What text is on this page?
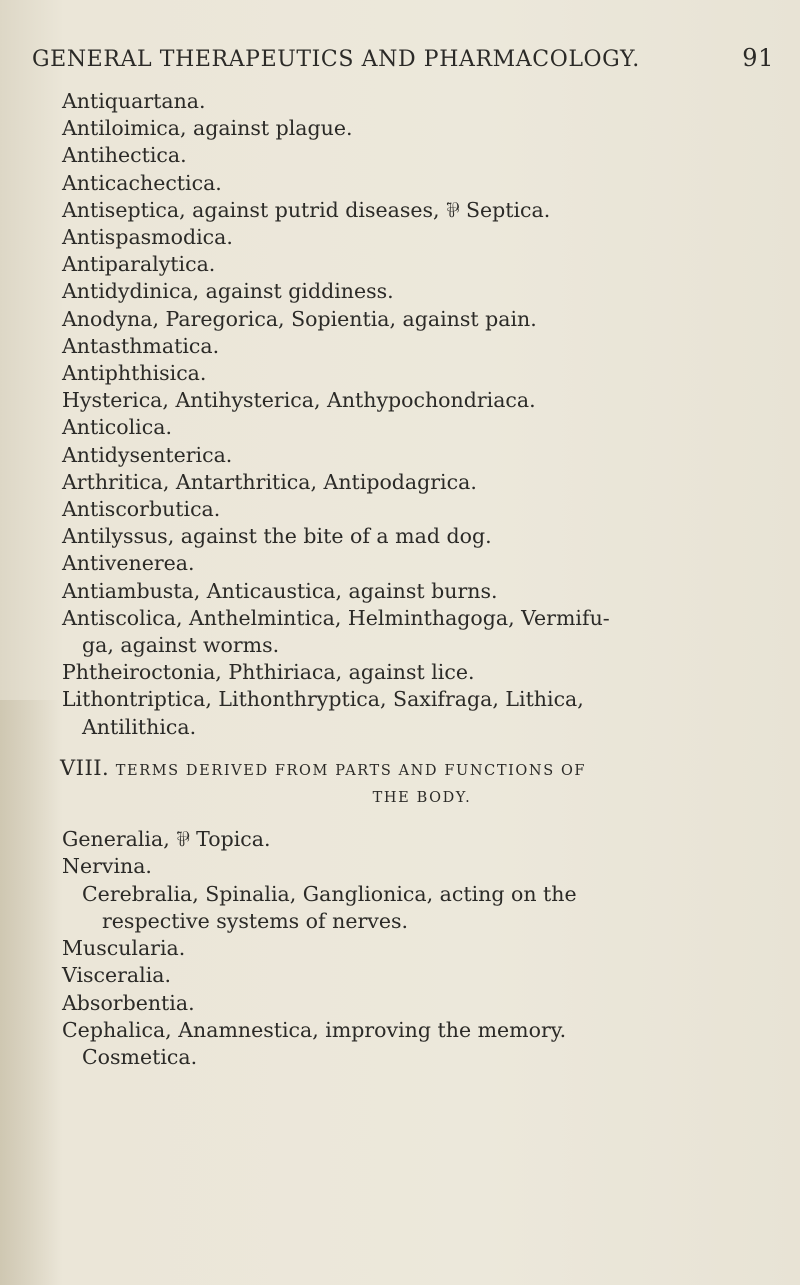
GENERAL THERAPEUTICS AND PHARMACOLOGY.	91
Antiquartana.
Antiloimica, against plague.
Antihectica.
Anticachectica.
Antiseptica, against putrid diseases, ⅌ Septica.
Antispasmodica.
Antiparalytica.
Antidydinica, against giddiness.
Anodyna, Paregorica, Sopientia, against pain.
Antasthmatica.
Antiphthisica.
Hysterica, Antihysterica, Anthypochondriaca.
Anticolica.
Antidysenterica.
Arthritica, Antarthritica, Antipodagrica.
Antiscorbutica.
Antilyssus, against the bite of a mad dog.
Antivenerea.
Antiambusta, Anticaustica, against burns.
Antiscolica, Anthelmintica, Helminthagoga, Vermifu-
ga, against worms.
Phtheiroctonia, Phthiriaca, against lice.
Lithontriptica, Lithonthryptica, Saxifraga, Lithica,
Antilithica.
VIII. TERMS DERIVED FROM PARTS AND FUNCTIONS OF
THE BODY.
Generalia, ⅌ Topica.
Nervina.
Cerebralia, Spinalia, Ganglionica, acting on the
respective systems of nerves.
Muscularia.
Visceralia.
Absorbentia.
Cephalica, Anamnestica, improving the memory.
Cosmetica.
